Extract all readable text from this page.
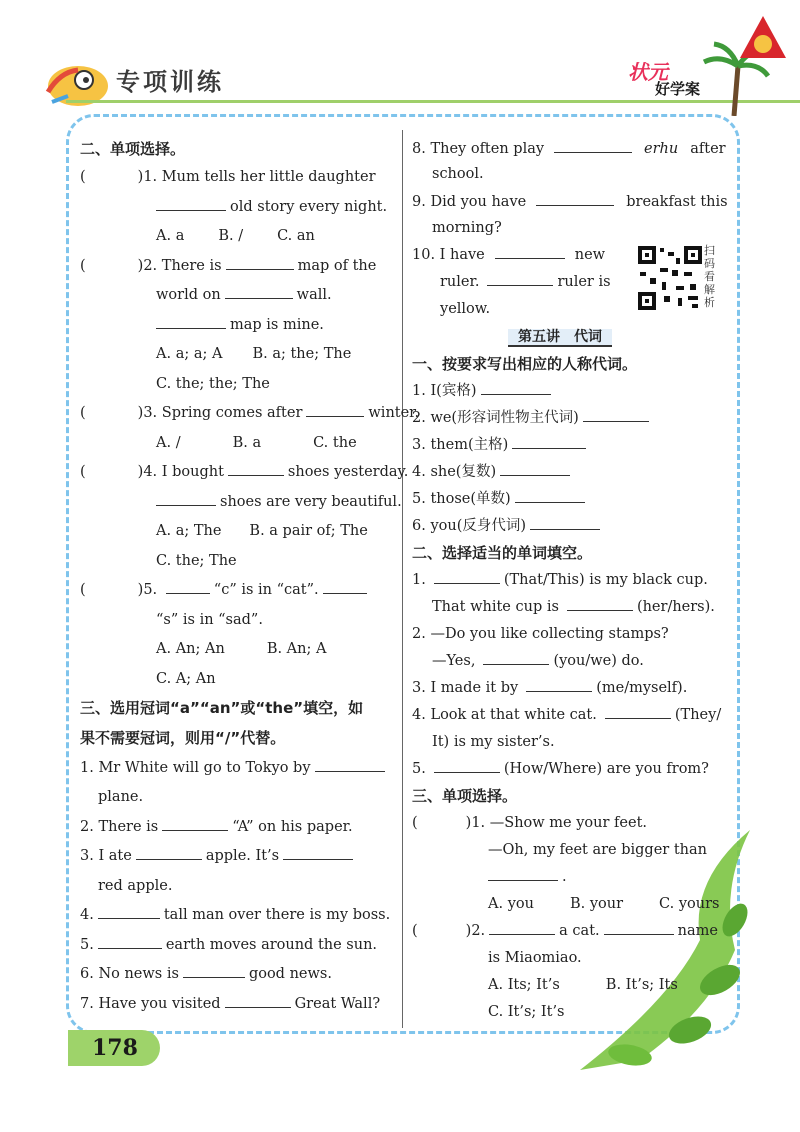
专项训练	状元
好学案
二、单项选择。
(	)1. Mum tells her little daughter
old story every night.
A. a B. / C. an
(	)2. There is	map of the
world on	wall.
map is mine.
A. a; a; A B. a; the; The
C. the; the; The
(	)3. Spring comes after	winter.
A. /	B. a	C. the
(	)4. I bought	shoes yesterday.
shoes are very beautiful.
A. a; The B. a pair of; The
C. the; The
(	)5.	“c” is in “cat”.
“s” is in “sad”.
A. An; An	B. An; A
C. A; An
三、选用冠词“a”“an”或“the”填空，如
果不需要冠词，则用“/”代替。
1. Mr White will go to Tokyo by
plane.
2. There is	“A” on his paper.
3. I ate	apple. It’s
red apple.
4.	tall man over there is my boss.
5.	earth moves around the sun.
6. No news is	good news.
7. Have you visited	Great Wall?
8. They often play	erhu after
school.
9. Did you have	breakfast this
morning?
10. I have	new
ruler.	ruler is
yellow.
扫码看解析
第五讲　代词
一、按要求写出相应的人称代词。
1. I(宾格)
2. we(形容词性物主代词)
3. them(主格)
4. she(复数)
5. those(单数)
6. you(反身代词)
二、选择适当的单词填空。
1.	(That/This) is my black cup.
That white cup is	(her/hers).
2. —Do you like collecting stamps?
—Yes,	(you/we) do.
3. I made it by	(me/myself).
4. Look at that white cat.	(They/
It) is my sister’s.
5.	(How/Where) are you from?
三、单项选择。
(	)1. —Show me your feet.
—Oh, my feet are bigger than
.
A. you B. your C. yours
(	)2.	a cat.	name
is Miaomiao.
A. Its; It’s	B. It’s; Its
C. It’s; It’s
178
